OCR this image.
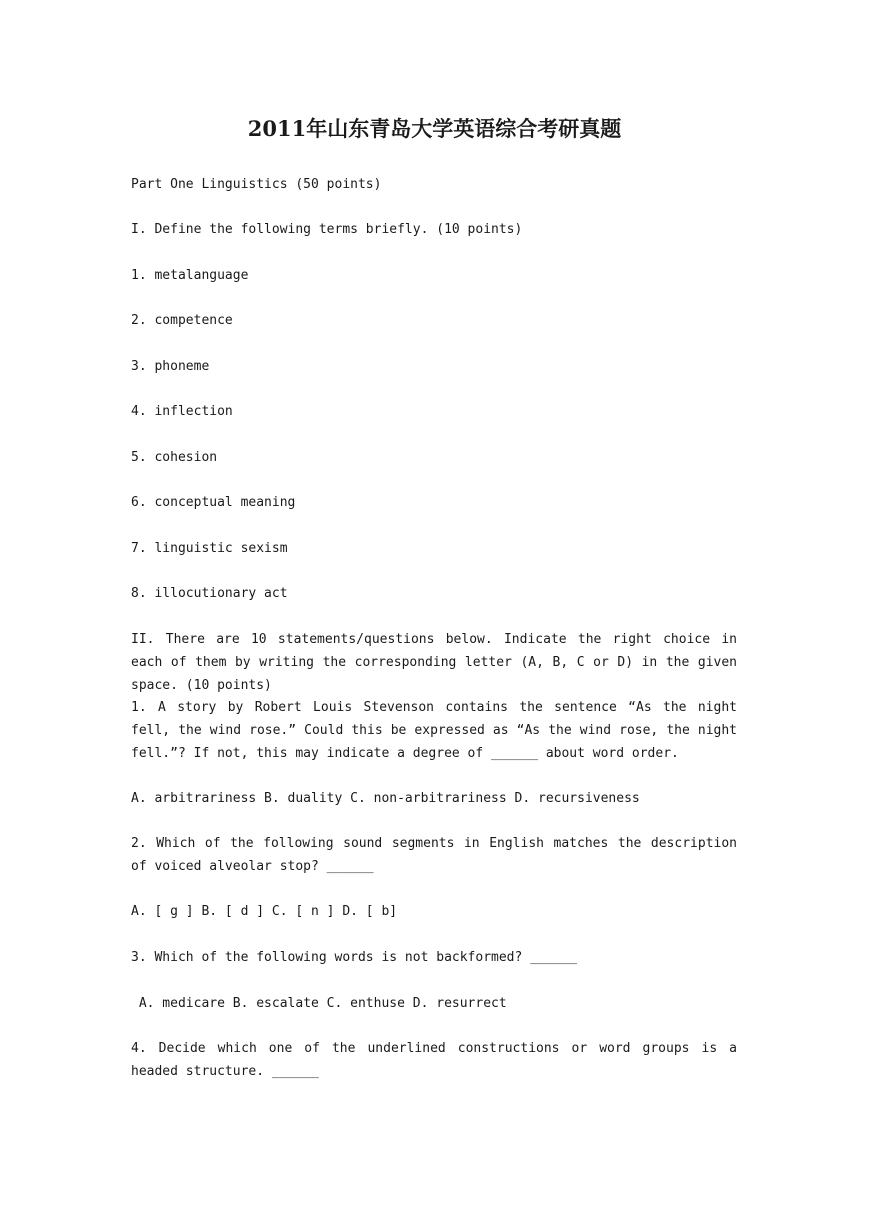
2011年山东青岛大学英语综合考研真题

Part One Linguistics (50 points)

I. Define the following terms briefly. (10 points)

1. metalanguage

2. competence

3. phoneme

4. inflection

5. cohesion

6. conceptual meaning

7. linguistic sexism

8. illocutionary act

II. There are 10 statements/questions below. Indicate the right choice in each of them by writing the corresponding letter (A, B, C or D) in the given space. (10 points)

1. A story by Robert Louis Stevenson contains the sentence “As the night fell, the wind rose.” Could this be expressed as “As the wind rose, the night fell.”? If not, this may indicate a degree of ______ about word order.

A. arbitrariness B. duality C. non-arbitrariness D. recursiveness

2. Which of the following sound segments in English matches the description of voiced alveolar stop? ______

A. [ g ] B. [ d ] C. [ n ] D. [ b]

3. Which of the following words is not backformed? ______

A. medicare B. escalate C. enthuse D. resurrect

4. Decide which one of the underlined constructions or word groups is a headed structure. ______
